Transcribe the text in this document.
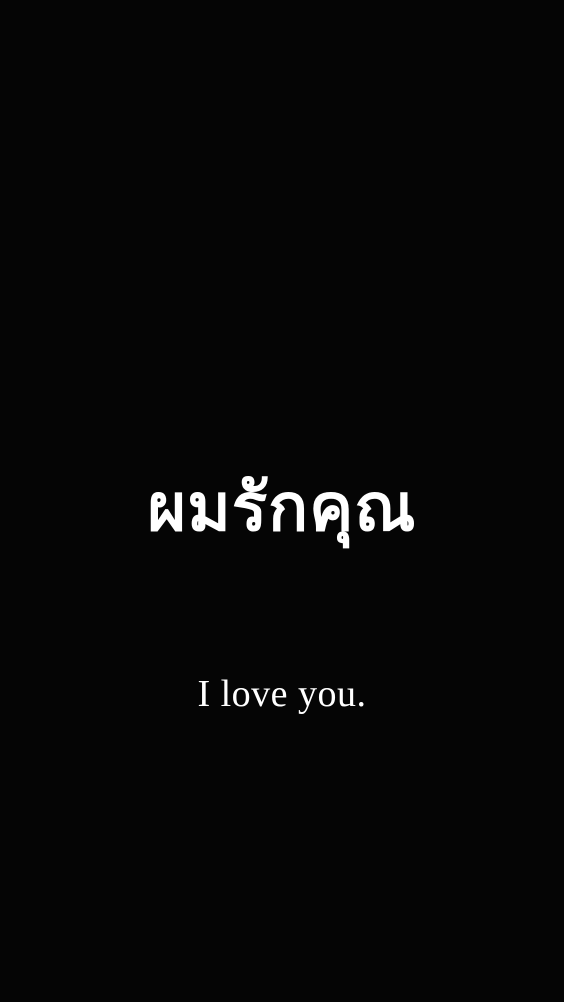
ผมรักคุณ
I love you.
